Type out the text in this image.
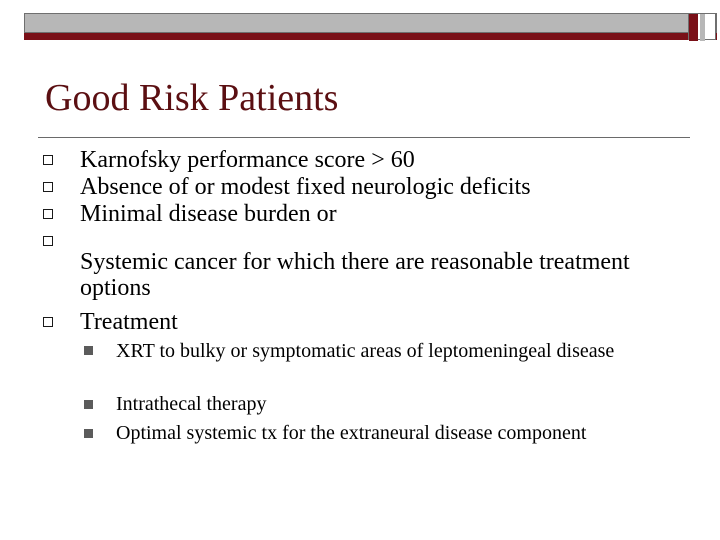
Good Risk Patients
Karnofsky performance score > 60
Absence of or modest fixed neurologic deficits
Minimal disease burden or
Systemic cancer for which there are reasonable treatment options
Treatment
XRT to bulky or symptomatic areas of leptomeningeal disease
Intrathecal therapy
Optimal systemic tx for the extraneural disease component
